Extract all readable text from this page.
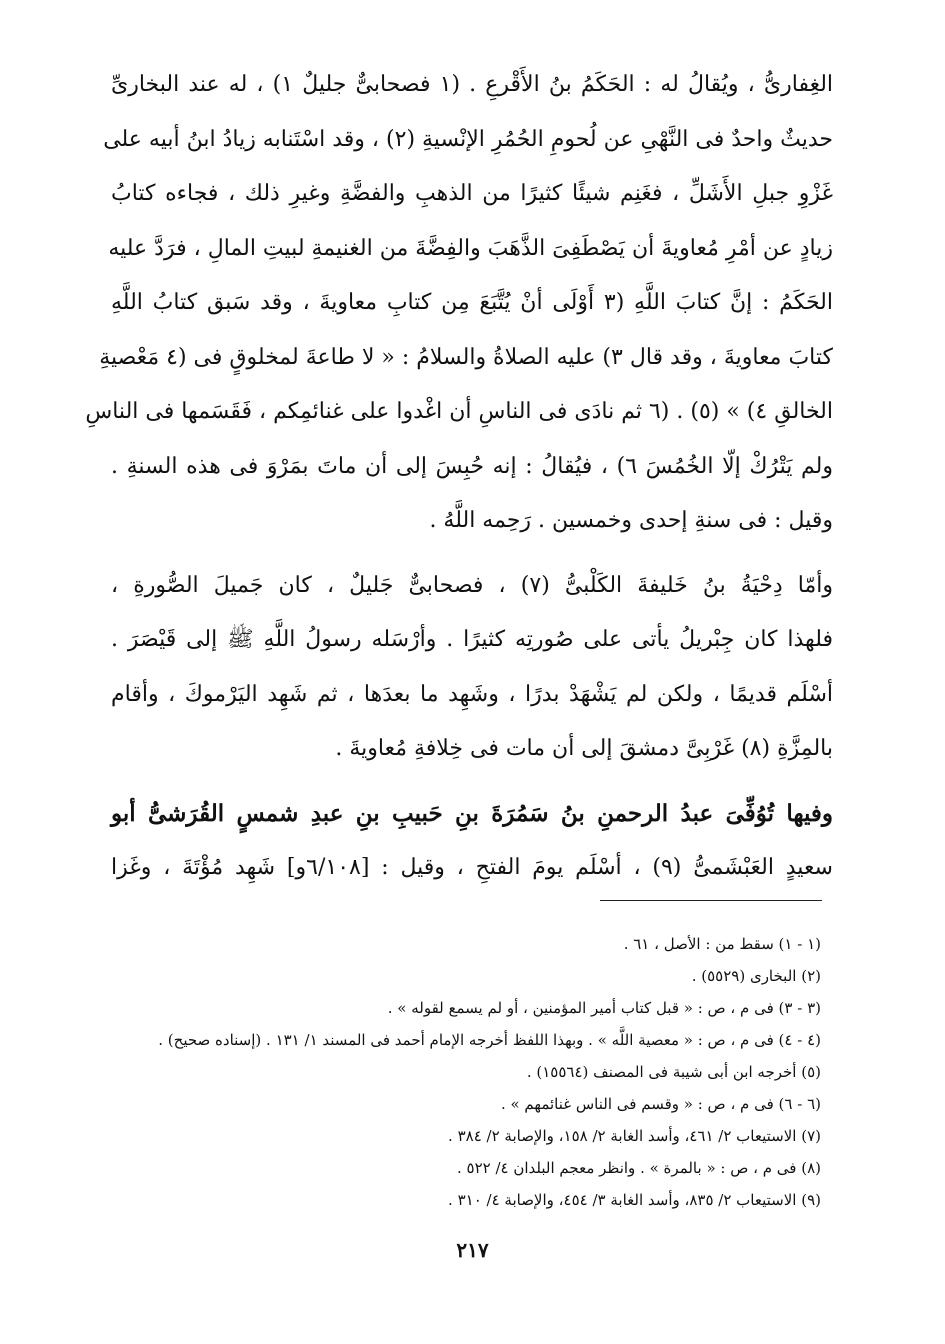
الغِفارىُّ ، ويُقالُ له : الحَكَمُ بنُ الأَقْرعِ . (١ فصحابىٌّ جليلٌ ١) ، له عند البخارىِّ
حديثٌ واحدٌ فى النَّهْىِ عن لُحومِ الحُمُرِ الإنْسيةِ (٢) ، وقد اسْتَنابه زيادُ ابنُ أبيه على
غَزْوِ جبلِ الأَشَلِّ ، فغَنِم شيئًا كثيرًا من الذهبِ والفضَّةِ وغيرِ ذلك ، فجاءه كتابُ
زيادٍ عن أمْرِ مُعاويةَ أن يَصْطَفِىَ الذَّهَبَ والفِضَّةَ من الغنيمةِ لبيتِ المالِ ، فرَدَّ عليه
الحَكَمُ : إنَّ كتابَ اللَّهِ (٣ أَوْلَى أنْ يُتَّبَعَ مِن كتابِ معاويةَ ، وقد سَبق كتابُ اللَّهِ
كتابَ معاويةَ ، وقد قال ٣) عليه الصلاةُ والسلامُ : « لا طاعةَ لمخلوقٍ فى (٤ مَعْصيةِ
الخالقِ ٤) » (٥) . (٦ ثم نادَى فى الناسِ أن اغْدوا على غنائمِكم ، فَقَسَمها فى الناسِ
ولم يَتْرُكْ إلّا الخُمُسَ ٦) ، فيُقالُ : إنه حُبِسَ إلى أن ماتَ بمَرْوَ فى هذه السنةِ .
وقيل : فى سنةِ إحدى وخمسين . رَحِمه اللَّهُ .
وأمّا دِحْيَةُ بنُ خَليفةَ الكَلْبىُّ (٧) ، فصحابىٌّ جَليلٌ ، كان جَميلَ الصُّورةِ ،
فلهذا كان جِبْريلُ يأتى على صُورتِه كثيرًا . وأرْسَله رسولُ اللَّهِ ﷺ إلى قَيْصَرَ .
أسْلَم قديمًا ، ولكن لم يَشْهَدْ بدرًا ، وشَهِد ما بعدَها ، ثم شَهِد اليَرْموكَ ، وأقام
بالمِزَّةِ (٨) غَرْبِىَّ دمشقَ إلى أن مات فى خِلافةِ مُعاويةَ .
وفيها تُوُفِّىَ عبدُ الرحمنِ بنُ سَمُرَةَ بنِ حَبيبِ بنِ عبدِ شمسٍ القُرَشىُّ أبو
سعيدٍ العَبْشَمىُّ (٩) ، أسْلَم يومَ الفتحِ ، وقيل : [٦/١٠٨و] شَهِد مُؤْتَةَ ، وغَزا
(١ - ١) سقط من : الأصل ، ٦١ .
(٢) البخارى (٥٥٢٩) .
(٣ - ٣) فى م ، ص : « قبل كتاب أمير المؤمنين ، أو لم يسمع لقوله » .
(٤ - ٤) فى م ، ص : « معصية اللَّه » . وبهذا اللفظ أخرجه الإمام أحمد فى المسند ١/ ١٣١ . (إسناده صحيح) .
(٥) أخرجه ابن أبى شيبة فى المصنف (١٥٥٦٤) .
(٦ - ٦) فى م ، ص : « وقسم فى الناس غنائمهم » .
(٧) الاستيعاب ٢/ ٤٦١، وأسد الغابة ٢/ ١٥٨، والإصابة ٢/ ٣٨٤ .
(٨) فى م ، ص : « بالمرة » . وانظر معجم البلدان ٤/ ٥٢٢ .
(٩) الاستيعاب ٢/ ٨٣٥، وأسد الغابة ٣/ ٤٥٤، والإصابة ٤/ ٣١٠ .
٢١٧
